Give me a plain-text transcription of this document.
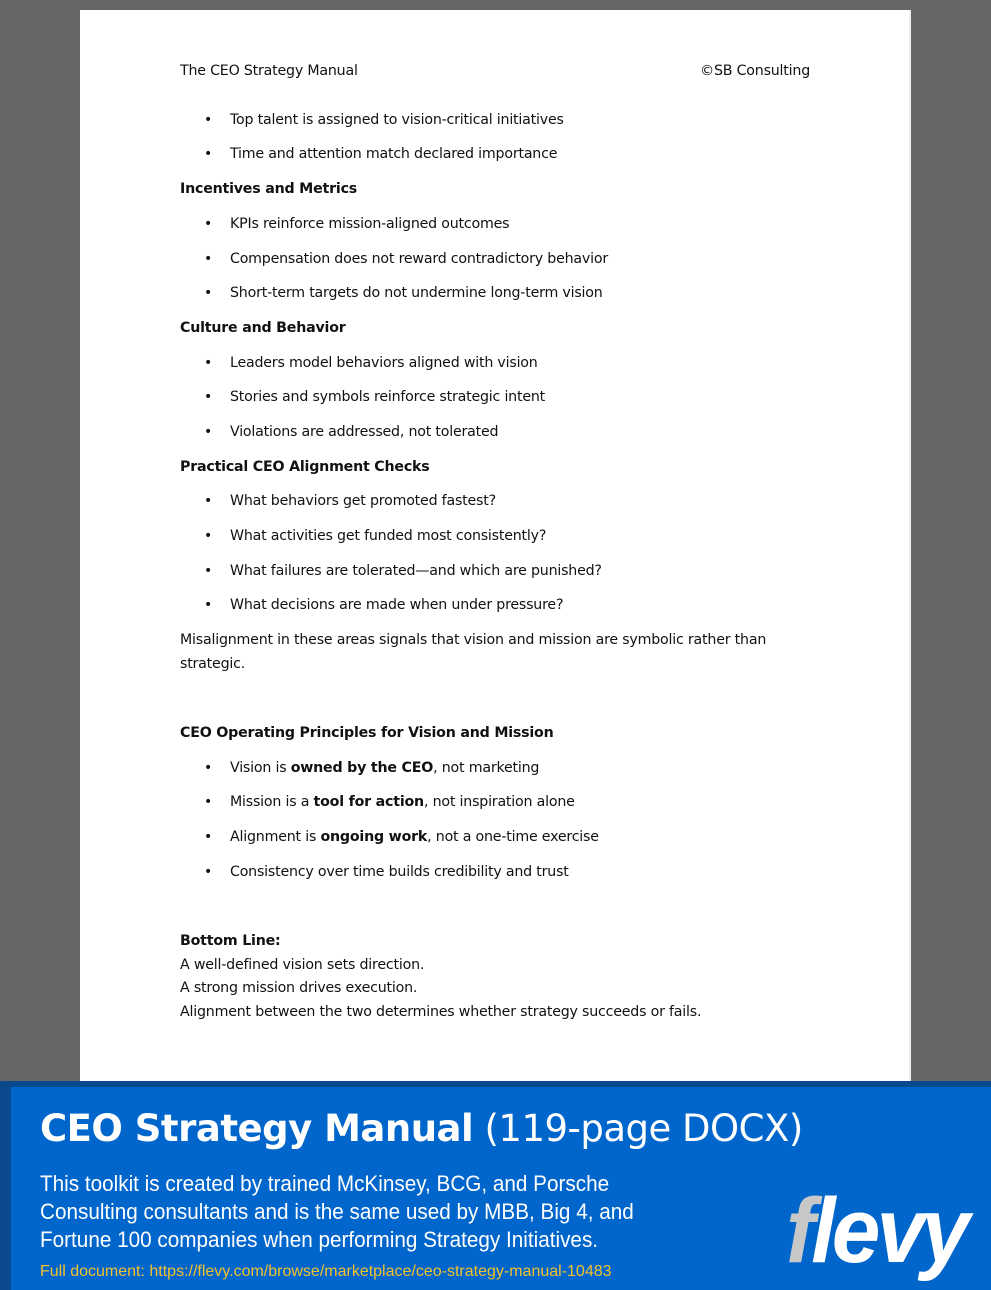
The CEO Strategy Manual	©SB Consulting
• Top talent is assigned to vision-critical initiatives
• Time and attention match declared importance
Incentives and Metrics
• KPIs reinforce mission-aligned outcomes
• Compensation does not reward contradictory behavior
• Short-term targets do not undermine long-term vision
Culture and Behavior
• Leaders model behaviors aligned with vision
• Stories and symbols reinforce strategic intent
• Violations are addressed, not tolerated
Practical CEO Alignment Checks
• What behaviors get promoted fastest?
• What activities get funded most consistently?
• What failures are tolerated—and which are punished?
• What decisions are made when under pressure?
Misalignment in these areas signals that vision and mission are symbolic rather than
strategic.
CEO Operating Principles for Vision and Mission
• Vision is owned by the CEO, not marketing
• Mission is a tool for action, not inspiration alone
• Alignment is ongoing work, not a one-time exercise
• Consistency over time builds credibility and trust
Bottom Line:
A well-defined vision sets direction.
A strong mission drives execution.
Alignment between the two determines whether strategy succeeds or fails.
CEO Strategy Manual (119-page DOCX)
This toolkit is created by trained McKinsey, BCG, and Porsche Consulting consultants and is the same used by MBB, Big 4, and Fortune 100 companies when performing Strategy Initiatives.
Full document: https://flevy.com/browse/marketplace/ceo-strategy-manual-10483 flevy
